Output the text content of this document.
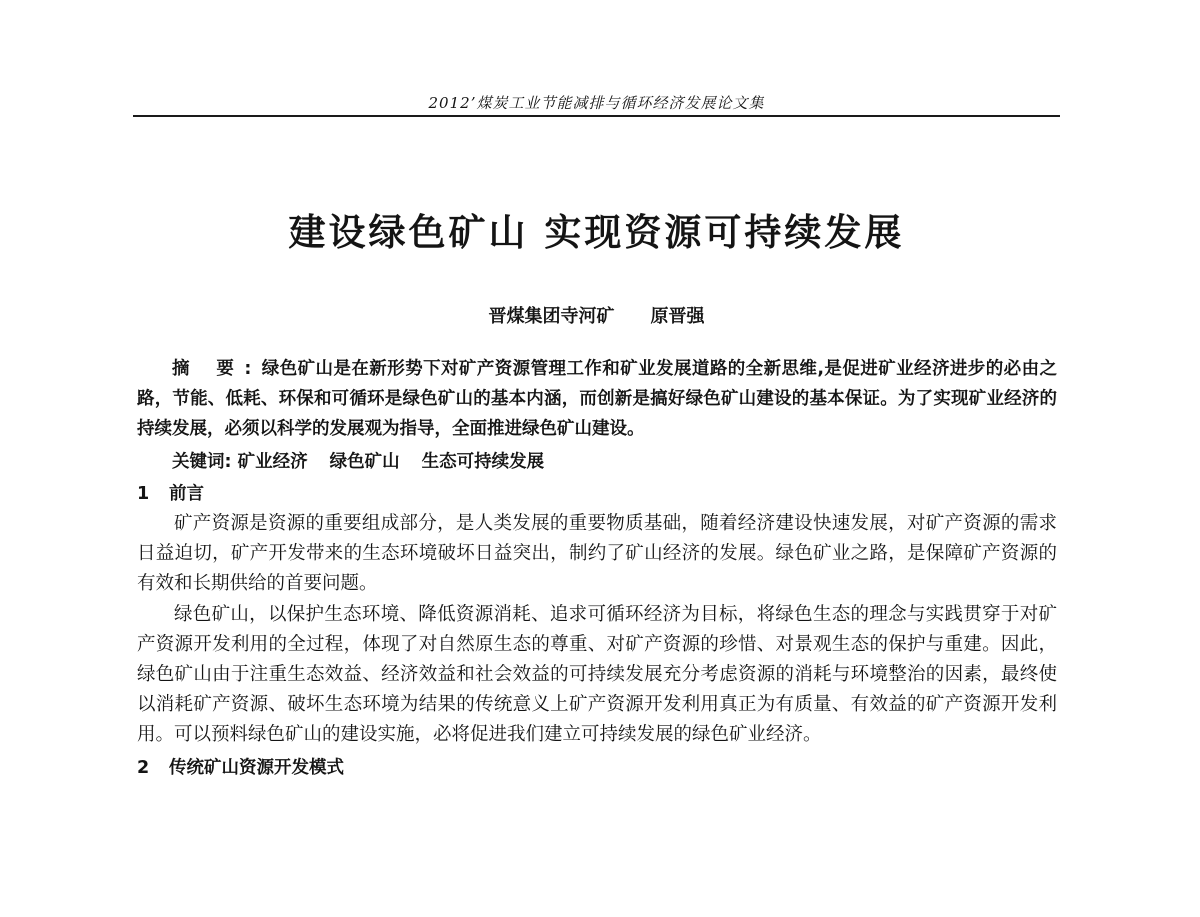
2012’煤炭工业节能减排与循环经济发展论文集
建设绿色矿山 实现资源可持续发展
晋煤集团寺河矿 原晋强

摘 要:绿色矿山是在新形势下对矿产资源管理工作和矿业发展道路的全新思维,是促进矿业经济进步的必由之路，节能、低耗、环保和可循环是绿色矿山的基本内涵，而创新是搞好绿色矿山建设的基本保证。为了实现矿业经济的持续发展，必须以科学的发展观为指导，全面推进绿色矿山建设。

关键词: 矿业经济 绿色矿山 生态可持续发展

1 前言

矿产资源是资源的重要组成部分，是人类发展的重要物质基础，随着经济建设快速发展，对矿产资源的需求日益迫切，矿产开发带来的生态环境破坏日益突出，制约了矿山经济的发展。绿色矿业之路，是保障矿产资源的有效和长期供给的首要问题。

绿色矿山，以保护生态环境、降低资源消耗、追求可循环经济为目标，将绿色生态的理念与实践贯穿于对矿产资源开发利用的全过程，体现了对自然原生态的尊重、对矿产资源的珍惜、对景观生态的保护与重建。因此，绿色矿山由于注重生态效益、经济效益和社会效益的可持续发展充分考虑资源的消耗与环境整治的因素，最终使以消耗矿产资源、破坏生态环境为结果的传统意义上矿产资源开发利用真正为有质量、有效益的矿产资源开发利用。可以预料绿色矿山的建设实施，必将促进我们建立可持续发展的绿色矿业经济。

2 传统矿山资源开发模式
